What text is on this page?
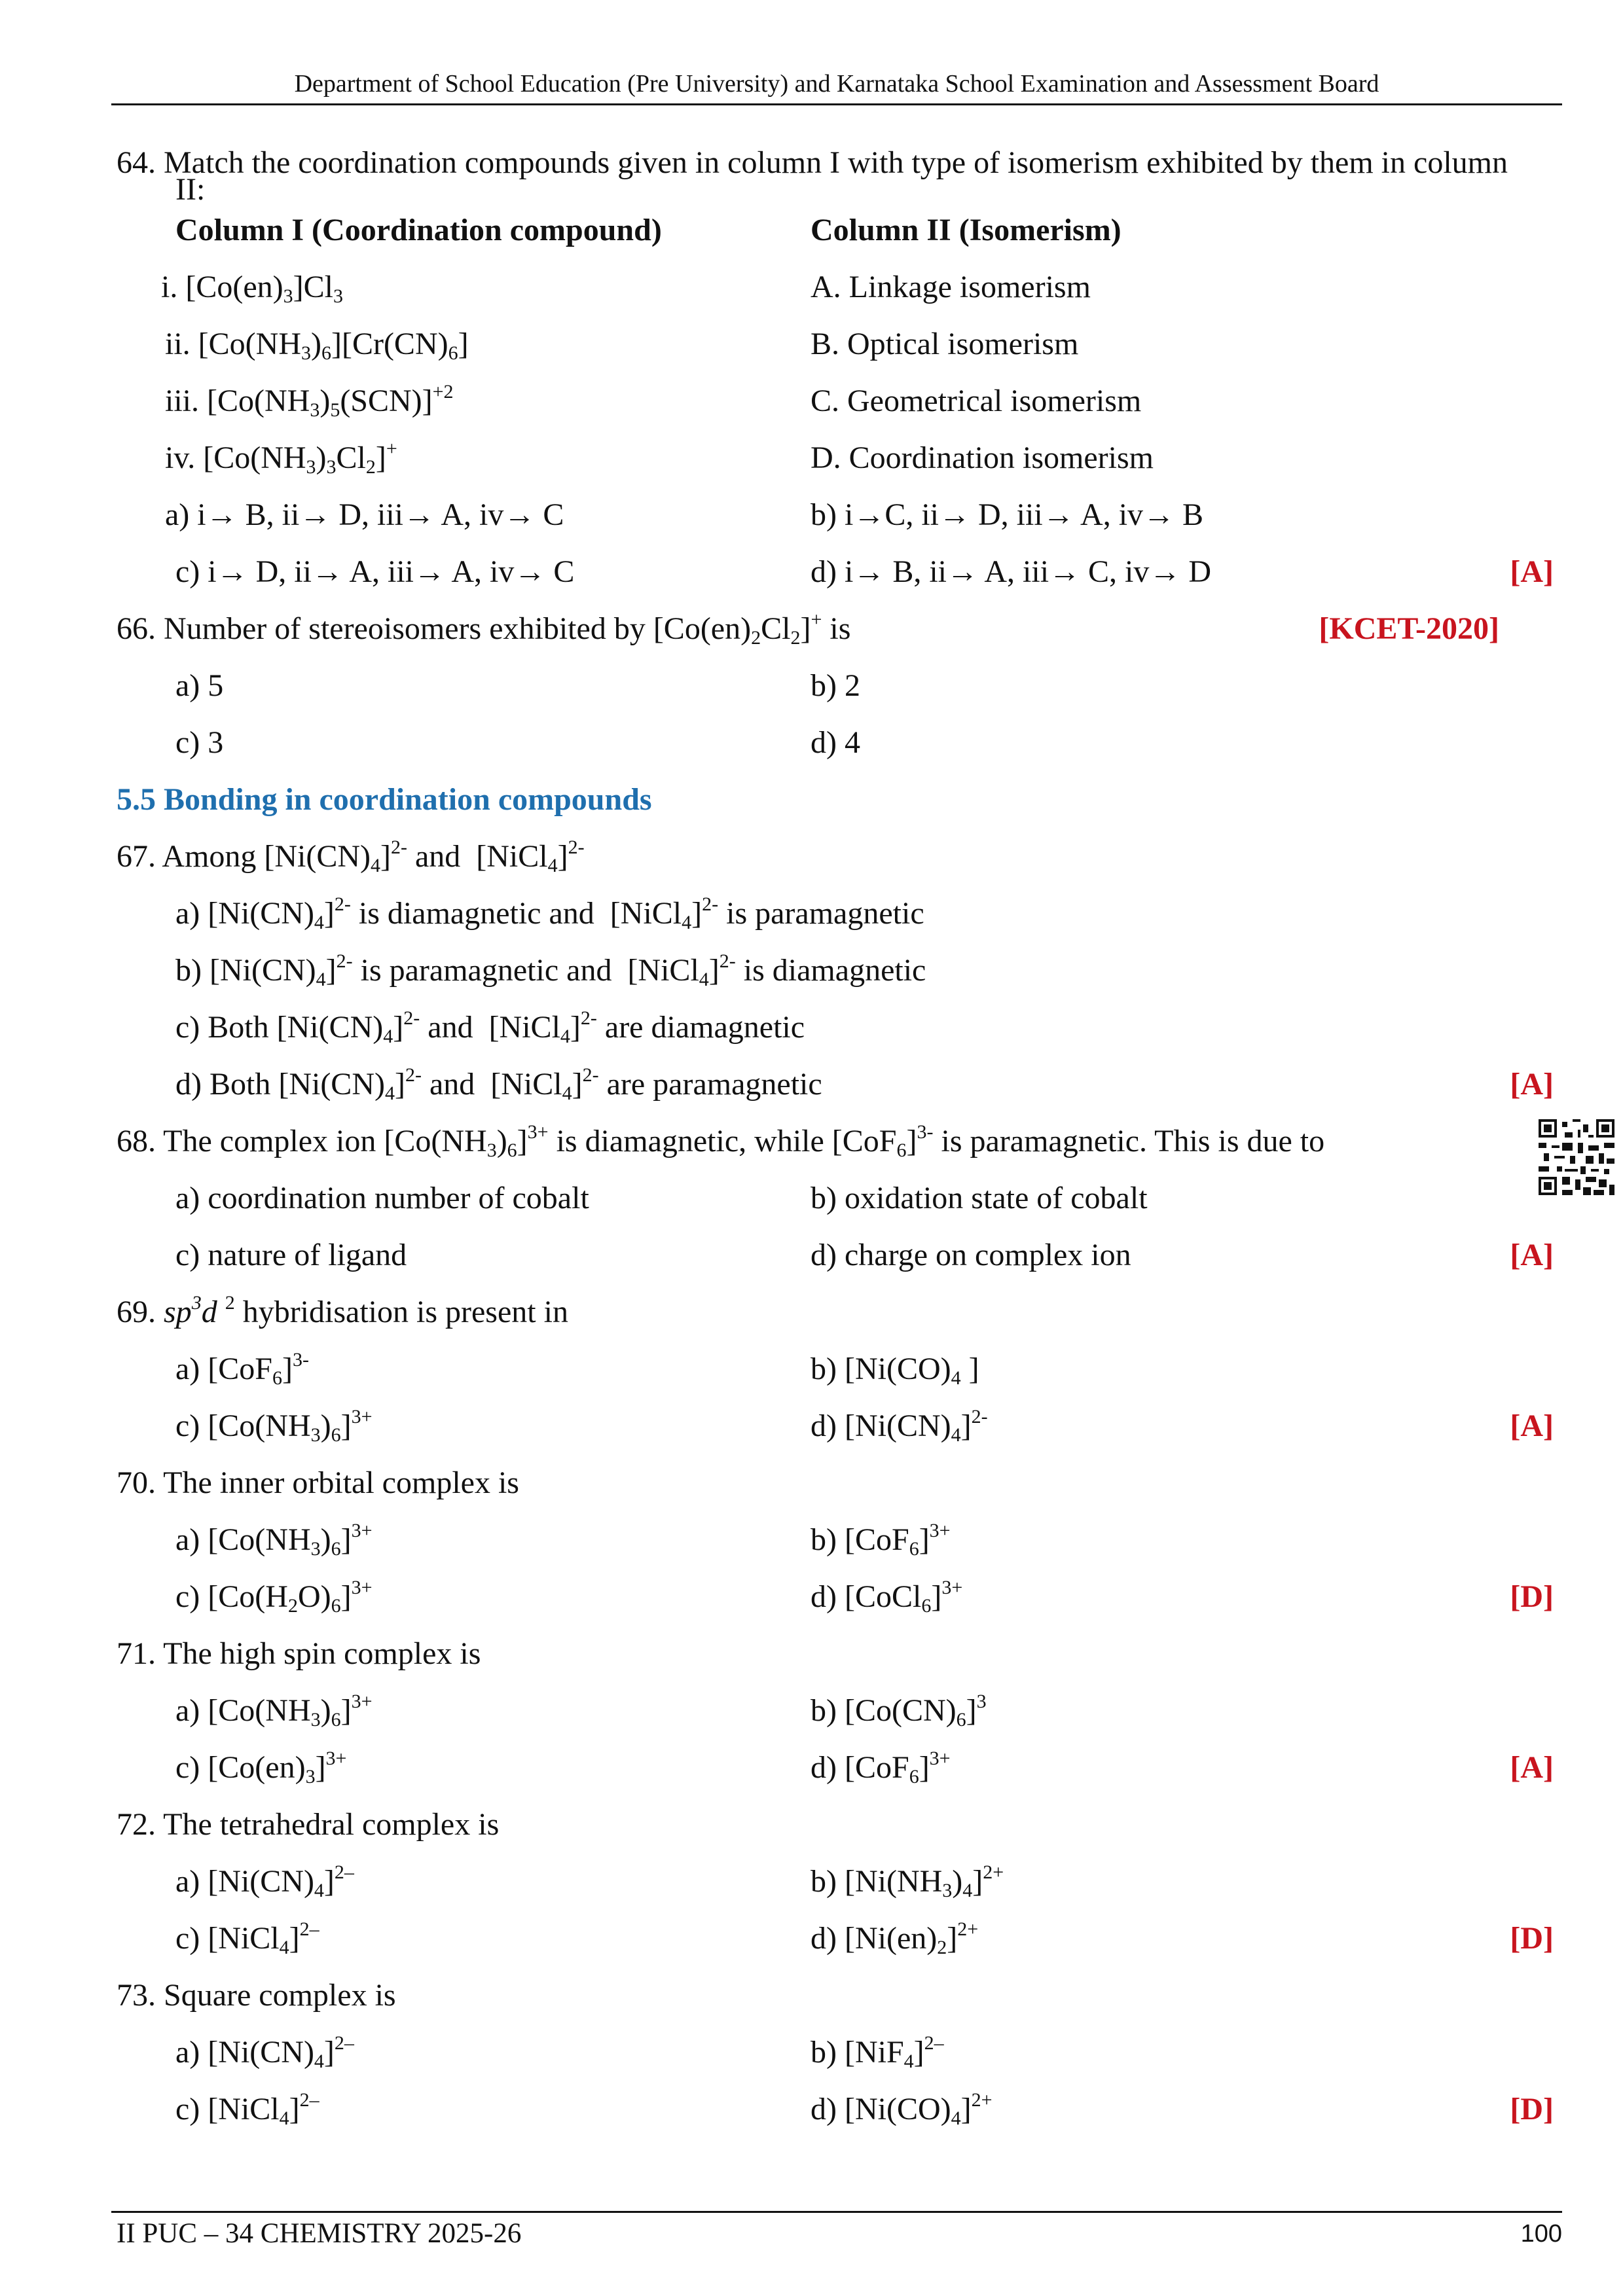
Department of School Education (Pre University) and Karnataka School Examination and Assessment Board
64. Match the coordination compounds given in column I with type of isomerism exhibited by them in column
II:
Column I (Coordination compound)	Column II (Isomerism)
i. $[Co(en)_3]Cl_3$	A. Linkage isomerism
ii. $[Co(NH_3)_6][Cr(CN)_6]$	B. Optical isomerism
iii. $[Co(NH_3)_5(SCN)]^{+2}$	C. Geometrical isomerism
iv. $[Co(NH_3)_3Cl_2]^+$	D. Coordination isomerism
a) i→ B, ii→ D, iii→ A, iv→ C	b) i→C, ii→ D, iii→ A, iv→ B
c) i→ D, ii→ A, iii→ A, iv→ C	d) i→ B, ii→ A, iii→ C, iv→ D	[A]
66. Number of stereoisomers exhibited by $[Co(en)_2Cl_2]^+$ is	[KCET-2020]
a) 5	b) 2
c) 3	d) 4
5.5 Bonding in coordination compounds
67. Among $[Ni(CN)_4]^{2-}$ and  [NiCl$_4$]$^{2-}$
a) $[Ni(CN)_4]^{2-}$ is diamagnetic and  [NiCl$_4$]$^{2-}$ is paramagnetic
b) $[Ni(CN)_4]^{2-}$ is paramagnetic and  [NiCl$_4$]$^{2-}$ is diamagnetic
c) Both $[Ni(CN)_4]^{2-}$ and  [NiCl$_4$]$^{2-}$ are diamagnetic
d) Both $[Ni(CN)_4]^{2-}$ and  [NiCl$_4$]$^{2-}$ are paramagnetic	[A]
68. The complex ion $[Co(NH_3)_6]^{3+}$ is diamagnetic, while $[CoF_6]^{3-}$ is paramagnetic. This is due to
a) coordination number of cobalt	b) oxidation state of cobalt
c) nature of ligand	d) charge on complex ion	[A]
69. $sp^3d$ $^2$ hybridisation is present in
a) $[CoF_6]^{3-}$	b) [$Ni(CO)_4$ ]
c) $[Co(NH_3)_6]^{3+}$	d) $[Ni(CN)_4]^{2-}$	[A]
70. The inner orbital complex is
a) $[Co(NH_3)_6]^{3+}$	b) $[CoF_6]^{3+}$
c) $[Co(H_2O)_6]^{3+}$	d) [CoCl$_6$]$^{3+}$	[D]
71. The high spin complex is
a) $[Co(NH_3)_6]^{3+}$	b) $[Co(CN)_6]^3$
c) $[Co(en)_3]^{3+}$	d) $[CoF_6]^{3+}$	[A]
72. The tetrahedral complex is
a) $[Ni(CN)_4]^{2-}$	b) $[Ni(NH_3)_4]^{2+}$
c) [NiCl$_4$]$^{2-}$	d) $[Ni(en)_2]^{2+}$	[D]
73. Square complex is
a) $[Ni(CN)_4]^{2-}$	b) $[NiF_4]^{2-}$
c) [NiCl$_4$]$^{2-}$	d) $[Ni(CO)_4]^{2+}$	[D]
II PUC – 34 CHEMISTRY 2025-26	100
